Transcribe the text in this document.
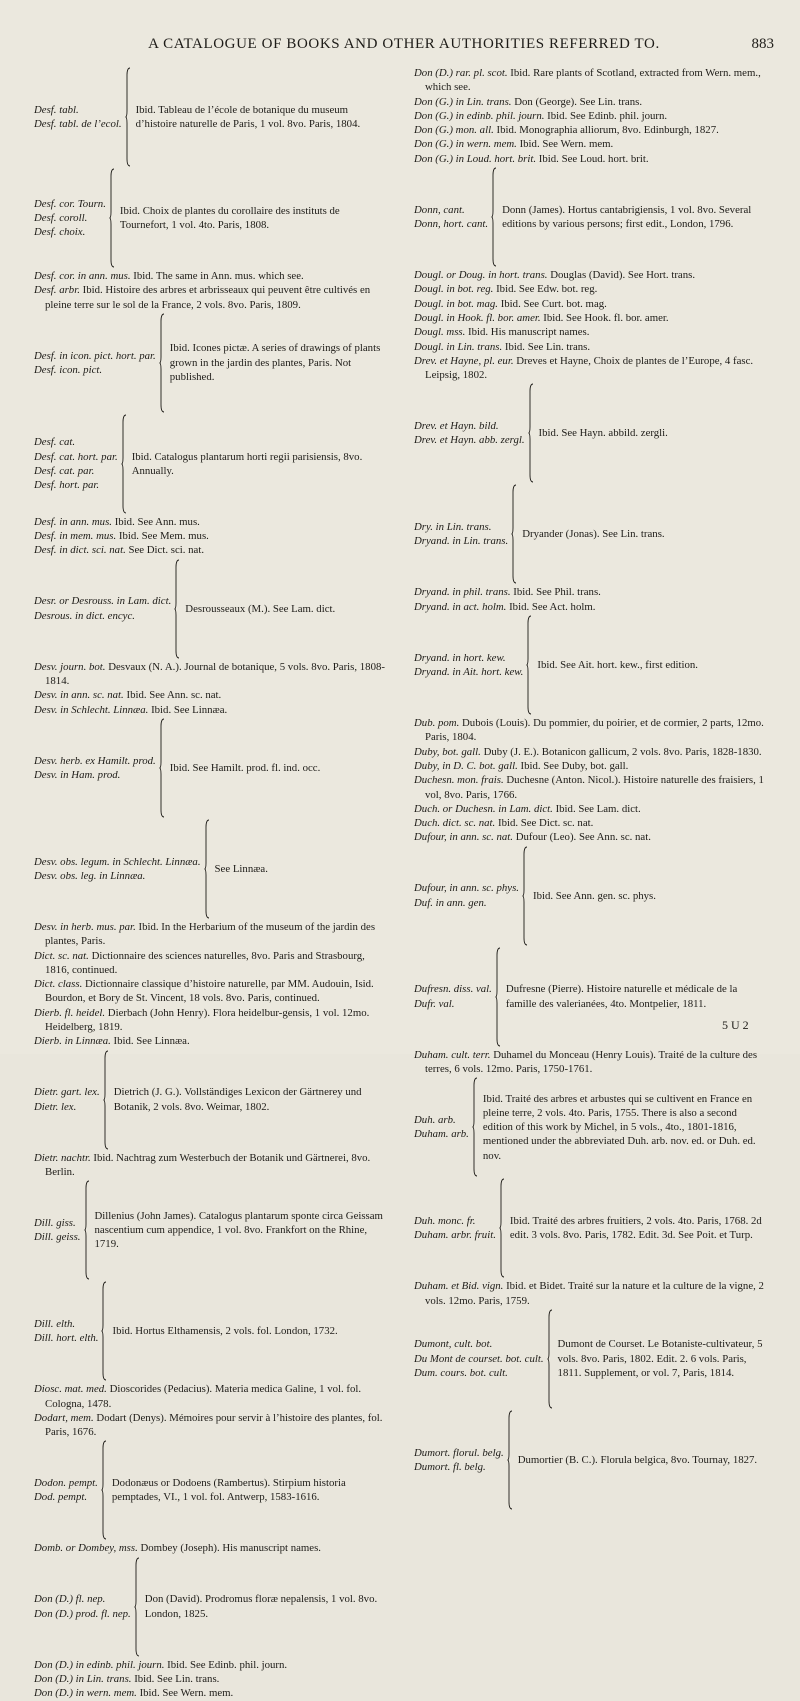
A CATALOGUE OF BOOKS AND OTHER AUTHORITIES REFERRED TO.	883
Desf. tabl.
Desf. tabl. de l’ecol.
Ibid. Tableau de l’école de botanique du museum d’histoire naturelle de Paris, 1 vol. 8vo. Paris, 1804.
Desf. cor. Tourn.
Desf. coroll.
Desf. choix.
Ibid. Choix de plantes du corollaire des instituts de Tournefort, 1 vol. 4to. Paris, 1808.

Desf. cor. in ann. mus. Ibid. The same in Ann. mus. which see.

Desf. arbr. Ibid. Histoire des arbres et arbrisseaux qui peuvent être cultivés en pleine terre sur le sol de la France, 2 vols. 8vo. Paris, 1809.

Desf. in icon. pict. hort. par.
Desf. icon. pict.
Ibid. Icones pictæ. A series of drawings of plants grown in the jardin des plantes, Paris. Not published.
Desf. cat.
Desf. cat. hort. par.
Desf. cat. par.
Desf. hort. par.
Ibid. Catalogus plantarum horti regii parisiensis, 8vo. Annually.

Desf. in ann. mus. Ibid. See Ann. mus.

Desf. in mem. mus. Ibid. See Mem. mus.

Desf. in dict. sci. nat. See Dict. sci. nat.

Desr. or Desrouss. in Lam. dict.
Desrous. in dict. encyc.
Desrousseaux (M.). See Lam. dict.

Desv. journ. bot. Desvaux (N. A.). Journal de botanique, 5 vols. 8vo. Paris, 1808-1814.

Desv. in ann. sc. nat. Ibid. See Ann. sc. nat.

Desv. in Schlecht. Linnæa. Ibid. See Linnæa.

Desv. herb. ex Hamilt. prod.
Desv. in Ham. prod.
Ibid. See Hamilt. prod. fl. ind. occ.
Desv. obs. legum. in Schlecht. Linnæa.
Desv. obs. leg. in Linnæa.
See Linnæa.

Desv. in herb. mus. par. Ibid. In the Herbarium of the museum of the jardin des plantes, Paris.

Dict. sc. nat. Dictionnaire des sciences naturelles, 8vo. Paris and Strasbourg, 1816, continued.

Dict. class. Dictionnaire classique d’histoire naturelle, par MM. Audouin, Isid. Bourdon, et Bory de St. Vincent, 18 vols. 8vo. Paris, continued.

Dierb. fl. heidel. Dierbach (John Henry). Flora heidelbur-gensis, 1 vol. 12mo. Heidelberg, 1819.

Dierb. in Linnæa. Ibid. See Linnæa.

Dietr. gart. lex.
Dietr. lex.
Dietrich (J. G.). Vollständiges Lexicon der Gärtnerey und Botanik, 2 vols. 8vo. Weimar, 1802.

Dietr. nachtr. Ibid. Nachtrag zum Westerbuch der Botanik und Gärtnerei, 8vo. Berlin.

Dill. giss.
Dill. geiss.
Dillenius (John James). Catalogus plantarum sponte circa Geissam nascentium cum appendice, 1 vol. 8vo. Frankfort on the Rhine, 1719.
Dill. elth.
Dill. hort. elth.
Ibid. Hortus Elthamensis, 2 vols. fol. London, 1732.

Diosc. mat. med. Dioscorides (Pedacius). Materia medica Galine, 1 vol. fol. Cologna, 1478.

Dodart, mem. Dodart (Denys). Mémoires pour servir à l’histoire des plantes, fol. Paris, 1676.

Dodon. pempt.
Dod. pempt.
Dodonæus or Dodoens (Rambertus). Stirpium historia pemptades, VI., 1 vol. fol. Antwerp, 1583-1616.

Domb. or Dombey, mss. Dombey (Joseph). His manuscript names.

Don (D.) fl. nep.
Don (D.) prod. fl. nep.
Don (David). Prodromus floræ nepalensis, 1 vol. 8vo. London, 1825.

Don (D.) in edinb. phil. journ. Ibid. See Edinb. phil. journ.

Don (D.) in Lin. trans. Ibid. See Lin. trans.

Don (D.) in wern. mem. Ibid. See Wern. mem.

Don (D.) rar. pl. scot. Ibid. Rare plants of Scotland, extracted from Wern. mem., which see.

Don (G.) in Lin. trans. Don (George). See Lin. trans.

Don (G.) in edinb. phil. journ. Ibid. See Edinb. phil. journ.

Don (G.) mon. all. Ibid. Monographia alliorum, 8vo. Edinburgh, 1827.

Don (G.) in wern. mem. Ibid. See Wern. mem.

Don (G.) in Loud. hort. brit. Ibid. See Loud. hort. brit.

Donn, cant.
Donn, hort. cant.
Donn (James). Hortus cantabrigiensis, 1 vol. 8vo. Several editions by various persons; first edit., London, 1796.

Dougl. or Doug. in hort. trans. Douglas (David). See Hort. trans.

Dougl. in bot. reg. Ibid. See Edw. bot. reg.

Dougl. in bot. mag. Ibid. See Curt. bot. mag.

Dougl. in Hook. fl. bor. amer. Ibid. See Hook. fl. bor. amer.

Dougl. mss. Ibid. His manuscript names.

Dougl. in Lin. trans. Ibid. See Lin. trans.

Drev. et Hayne, pl. eur. Dreves et Hayne, Choix de plantes de l’Europe, 4 fasc. Leipsig, 1802.

Drev. et Hayn. bild.
Drev. et Hayn. abb. zergl.
Ibid. See Hayn. abbild. zergli.
Dry. in Lin. trans.
Dryand. in Lin. trans.
Dryander (Jonas). See Lin. trans.

Dryand. in phil. trans. Ibid. See Phil. trans.

Dryand. in act. holm. Ibid. See Act. holm.

Dryand. in hort. kew.
Dryand. in Ait. hort. kew.
Ibid. See Ait. hort. kew., first edition.

Dub. pom. Dubois (Louis). Du pommier, du poirier, et de cormier, 2 parts, 12mo. Paris, 1804.

Duby, bot. gall. Duby (J. E.). Botanicon gallicum, 2 vols. 8vo. Paris, 1828-1830.

Duby, in D. C. bot. gall. Ibid. See Duby, bot. gall.

Duchesn. mon. frais. Duchesne (Anton. Nicol.). Histoire naturelle des fraisiers, 1 vol, 8vo. Paris, 1766.

Duch. or Duchesn. in Lam. dict. Ibid. See Lam. dict.

Duch. dict. sc. nat. Ibid. See Dict. sc. nat.

Dufour, in ann. sc. nat. Dufour (Leo). See Ann. sc. nat.

Dufour, in ann. sc. phys.
Duf. in ann. gen.
Ibid. See Ann. gen. sc. phys.
Dufresn. diss. val.
Dufr. val.
Dufresne (Pierre). Histoire naturelle et médicale de la famille des valerianées, 4to. Montpelier, 1811.

Duham. cult. terr. Duhamel du Monceau (Henry Louis). Traité de la culture des terres, 6 vols. 12mo. Paris, 1750-1761.

Duh. arb.
Duham. arb.
Ibid. Traité des arbres et arbustes qui se cultivent en France en pleine terre, 2 vols. 4to. Paris, 1755. There is also a second edition of this work by Michel, in 5 vols., 4to., 1801-1816, mentioned under the abbreviated Duh. arb. nov. ed. or Duh. ed. nov.
Duh. monc. fr.
Duham. arbr. fruit.
Ibid. Traité des arbres fruitiers, 2 vols. 4to. Paris, 1768. 2d edit. 3 vols. 8vo. Paris, 1782. Edit. 3d. See Poit. et Turp.

Duham. et Bid. vign. Ibid. et Bidet. Traité sur la nature et la culture de la vigne, 2 vols. 12mo. Paris, 1759.

Dumont, cult. bot.
Du Mont de courset. bot. cult.
Dum. cours. bot. cult.
Dumont de Courset. Le Botaniste-cultivateur, 5 vols. 8vo. Paris, 1802. Edit. 2. 6 vols. Paris, 1811. Supplement, or vol. 7, Paris, 1814.
Dumort. florul. belg.
Dumort. fl. belg.
Dumortier (B. C.). Florula belgica, 8vo. Tournay, 1827.
5 U 2
